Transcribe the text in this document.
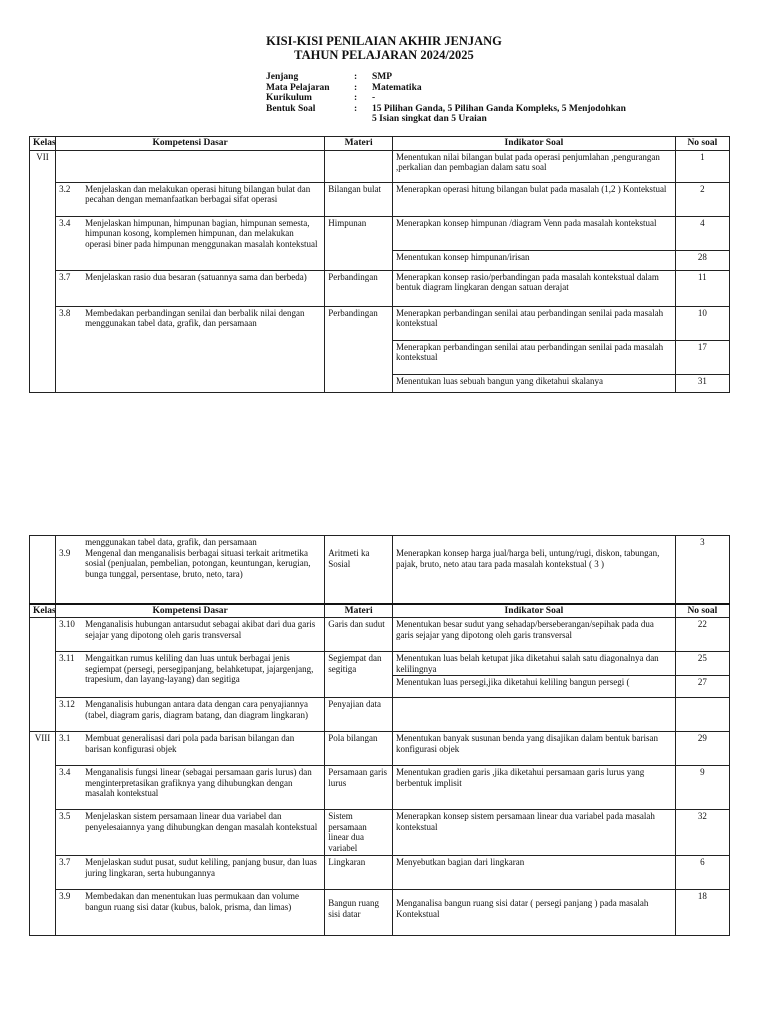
KISI-KISI PENILAIAN AKHIR JENJANG
TAHUN PELAJARAN 2024/2025
Jenjang	:	SMP
Mata Pelajaran	:	Matematika
Kurikulum	:	-
Bentuk Soal	:	15 Pilihan Ganda, 5 Pilihan Ganda Kompleks, 5 Menjodohkan
5 Isian singkat dan 5 Uraian
Kelas	Kompetensi Dasar	Materi	Indikator Soal	No soal
VII			Menentukan nilai bilangan bulat pada operasi penjumlahan ,pengurangan ,perkalian dan pembagian dalam satu soal	1

	3.2 Menjelaskan dan melakukan operasi hitung bilangan bulat dan pecahan dengan memanfaatkan berbagai sifat operasi	Bilangan bulat	Menerapkan operasi hitung bilangan bulat pada masalah (1,2 ) Kontekstual	2

	3.4 Menjelaskan himpunan, himpunan bagian, himpunan semesta, himpunan kosong, komplemen himpunan, dan melakukan operasi biner pada himpunan menggunakan masalah kontekstual	Himpunan	Menerapkan konsep himpunan /diagram Venn pada masalah kontekstual	4
			Menentukan konsep himpunan/irisan	28

	3.7 Menjelaskan rasio dua besaran (satuannya sama dan berbeda)	Perbandingan	Menerapkan konsep rasio/perbandingan pada masalah kontekstual dalam bentuk diagram lingkaran dengan satuan derajat	11

	3.8 Membedakan perbandingan senilai dan berbalik nilai dengan menggunakan tabel data, grafik, dan persamaan	Perbandingan	Menerapkan perbandingan senilai atau perbandingan senilai pada masalah kontekstual	10
			Menerapkan perbandingan senilai atau perbandingan senilai pada masalah kontekstual	17
			Menentukan luas sebuah bangun yang diketahui skalanya	31

	menggunakan tabel data, grafik, dan persamaan
3.9 Mengenal dan menganalisis berbagai situasi terkait aritmetika sosial (penjualan, pembelian, potongan, keuntungan, kerugian, bunga tunggal, persentase, bruto, neto, tara)	Aritmeti ka Sosial	Menerapkan konsep harga jual/harga beli, untung/rugi, diskon, tabungan, pajak, bruto, neto atau tara pada masalah kontekstual ( 3 )	3
Kelas	Kompetensi Dasar	Materi	Indikator Soal	No soal

	3.10 Menganalisis hubungan antarsudut sebagai akibat dari dua garis sejajar yang dipotong oleh garis transversal	Garis dan sudut	Menentukan besar sudut yang sehadap/berseberangan/sepihak pada dua garis sejajar yang dipotong oleh garis transversal	22

	3.11 Mengaitkan rumus keliling dan luas untuk berbagai jenis segiempat (persegi, persegipanjang, belahketupat, jajargenjang, trapesium, dan layang-layang) dan segitiga	Segiempat dan segitiga	Menentukan luas belah ketupat jika diketahui salah satu diagonalnya dan kelilingnya	25
			Menentukan luas persegi,jika diketahui keliling bangun persegi (	27

	3.12 Menganalisis hubungan antara data dengan cara penyajiannya (tabel, diagram garis, diagram batang, dan diagram lingkaran)	Penyajian data		
VIII	3.1 Membuat generalisasi dari pola pada barisan bilangan dan barisan konfigurasi objek	Pola bilangan	Menentukan banyak susunan benda yang disajikan dalam bentuk barisan konfigurasi objek	29

	3.4 Menganalisis fungsi linear (sebagai persamaan garis lurus) dan menginterpretasikan grafiknya yang dihubungkan dengan masalah kontekstual	Persamaan garis lurus	Menentukan gradien garis ,jika diketahui persamaan garis lurus yang berbentuk implisit	9

	3.5 Menjelaskan sistem persamaan linear dua variabel dan penyelesaiannya yang dihubungkan dengan masalah kontekstual	Sistem persamaan linear dua variabel	Menerapkan konsep sistem persamaan linear dua variabel pada masalah kontekstual	32

	3.7 Menjelaskan sudut pusat, sudut keliling, panjang busur, dan luas juring lingkaran, serta hubungannya	Lingkaran	Menyebutkan bagian dari lingkaran	6

	3.9 Membedakan dan menentukan luas permukaan dan volume bangun ruang sisi datar (kubus, balok, prisma, dan limas)	Bangun ruang sisi datar	Menganalisa bangun ruang sisi datar ( persegi panjang ) pada masalah Kontekstual	18
